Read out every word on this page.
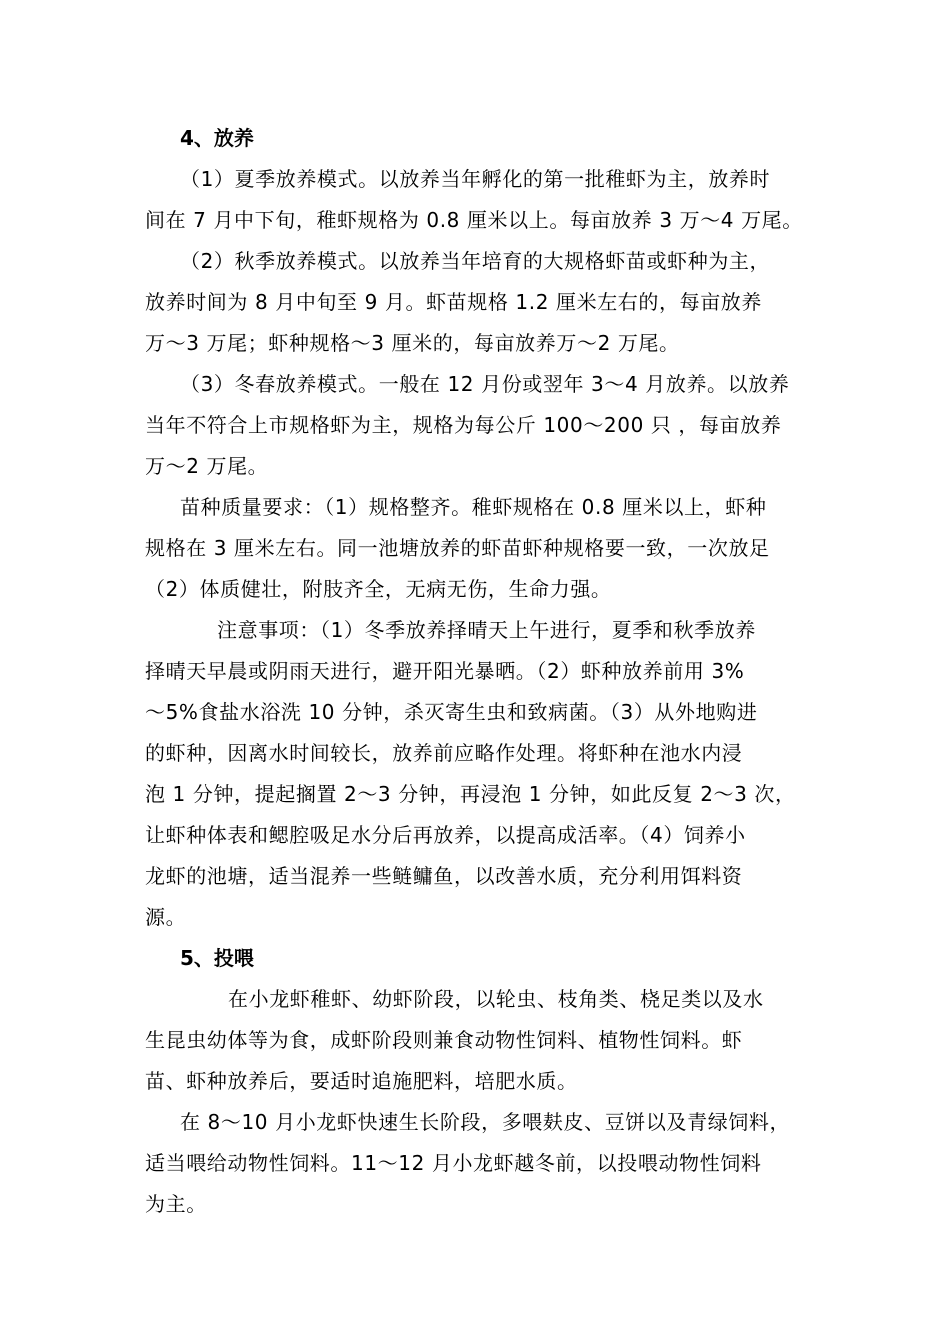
4、放养
（1）夏季放养模式。以放养当年孵化的第一批稚虾为主，放养时
间在 7 月中下旬，稚虾规格为 0.8 厘米以上。每亩放养 3 万～4 万尾。
（2）秋季放养模式。以放养当年培育的大规格虾苗或虾种为主，
放养时间为 8 月中旬至 9 月。虾苗规格 1.2 厘米左右的，每亩放养
万～3 万尾；虾种规格～3 厘米的，每亩放养万～2 万尾。
（3）冬春放养模式。一般在 12 月份或翌年 3～4 月放养。以放养
当年不符合上市规格虾为主，规格为每公斤 100～200 只 ，每亩放养
万～2 万尾。
苗种质量要求：（1）规格整齐。稚虾规格在 0.8 厘米以上，虾种
规格在 3 厘米左右。同一池塘放养的虾苗虾种规格要一致，一次放足
（2）体质健壮，附肢齐全，无病无伤，生命力强。
注意事项：（1）冬季放养择晴天上午进行，夏季和秋季放养
择晴天早晨或阴雨天进行，避开阳光暴晒。（2）虾种放养前用 3%
～5%食盐水浴洗 10 分钟，杀灭寄生虫和致病菌。（3）从外地购进
的虾种，因离水时间较长，放养前应略作处理。将虾种在池水内浸
泡 1 分钟，提起搁置 2～3 分钟，再浸泡 1 分钟，如此反复 2～3 次，
让虾种体表和鳃腔吸足水分后再放养，以提高成活率。（4）饲养小
龙虾的池塘，适当混养一些鲢鳙鱼，以改善水质，充分利用饵料资
源。
5、投喂
在小龙虾稚虾、幼虾阶段，以轮虫、枝角类、桡足类以及水
生昆虫幼体等为食，成虾阶段则兼食动物性饲料、植物性饲料。虾
苗、虾种放养后，要适时追施肥料，培肥水质。
在 8～10 月小龙虾快速生长阶段，多喂麸皮、豆饼以及青绿饲料，
适当喂给动物性饲料。11～12 月小龙虾越冬前，以投喂动物性饲料
为主。
